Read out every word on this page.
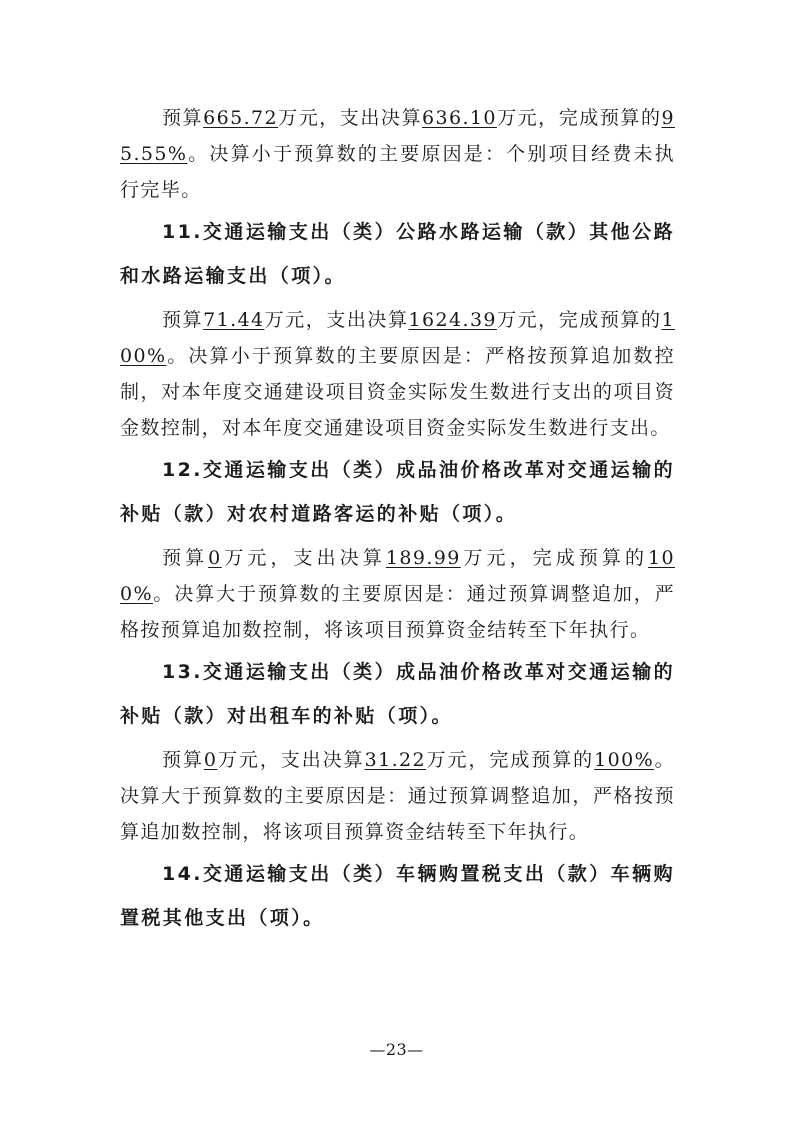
预算665.72万元，支出决算636.10万元，完成预算的95.55%。决算小于预算数的主要原因是：个别项目经费未执行完毕。

11.交通运输支出（类）公路水路运输（款）其他公路和水路运输支出（项）。

预算71.44万元，支出决算1624.39万元，完成预算的100%。决算小于预算数的主要原因是：严格按预算追加数控制，对本年度交通建设项目资金实际发生数进行支出的项目资金数控制，对本年度交通建设项目资金实际发生数进行支出。

12.交通运输支出（类）成品油价格改革对交通运输的补贴（款）对农村道路客运的补贴（项）。

预算0万元，支出决算189.99万元，完成预算的100%。决算大于预算数的主要原因是：通过预算调整追加，严格按预算追加数控制，将该项目预算资金结转至下年执行。

13.交通运输支出（类）成品油价格改革对交通运输的补贴（款）对出租车的补贴（项）。

预算0万元，支出决算31.22万元，完成预算的100%。决算大于预算数的主要原因是：通过预算调整追加，严格按预算追加数控制，将该项目预算资金结转至下年执行。

14.交通运输支出（类）车辆购置税支出（款）车辆购置税其他支出（项）。

—23—
